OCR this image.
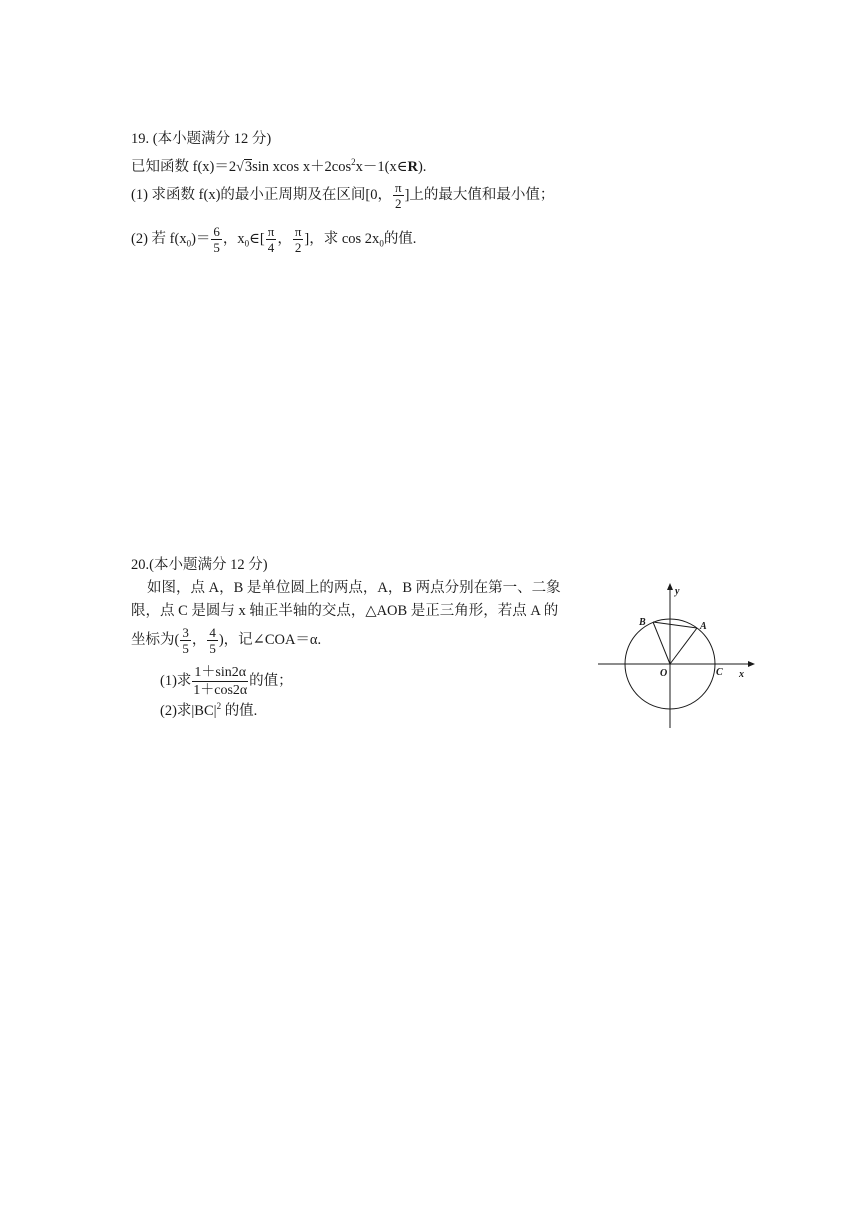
19. (本小题满分 12 分)
已知函数 f(x)＝2√3sin xcos $x+2\cos^2x-1(x\in R)$.
(1) 求函数 f(x)的最小正周期及在区间[0， $\frac{\pi}{2}$ ]上的最大值和最小值；
(2) 若 $f(x_0)= \frac{6}{5}$ ，$x_0\in[ \frac{\pi}{4}$ ， $\frac{\pi}{2}$ ]，求 $\cos 2x_0$的值.
20.(本小题满分 12 分)
如图，点 A，B 是单位圆上的两点，A，B 两点分别在第一、二象
限，点 C 是圆与 x 轴正半轴的交点，△AOB 是正三角形，若点 A 的
坐标为( $\frac{3}{5}$ ， $\frac{4}{5}$ )，记∠COA＝α.
(1)求 $\frac{1+\sin 2\alpha}{1+\cos 2\alpha}$ 的值；
(2)求$|BC|^2$ 的值.
y
B	A
O	C x
